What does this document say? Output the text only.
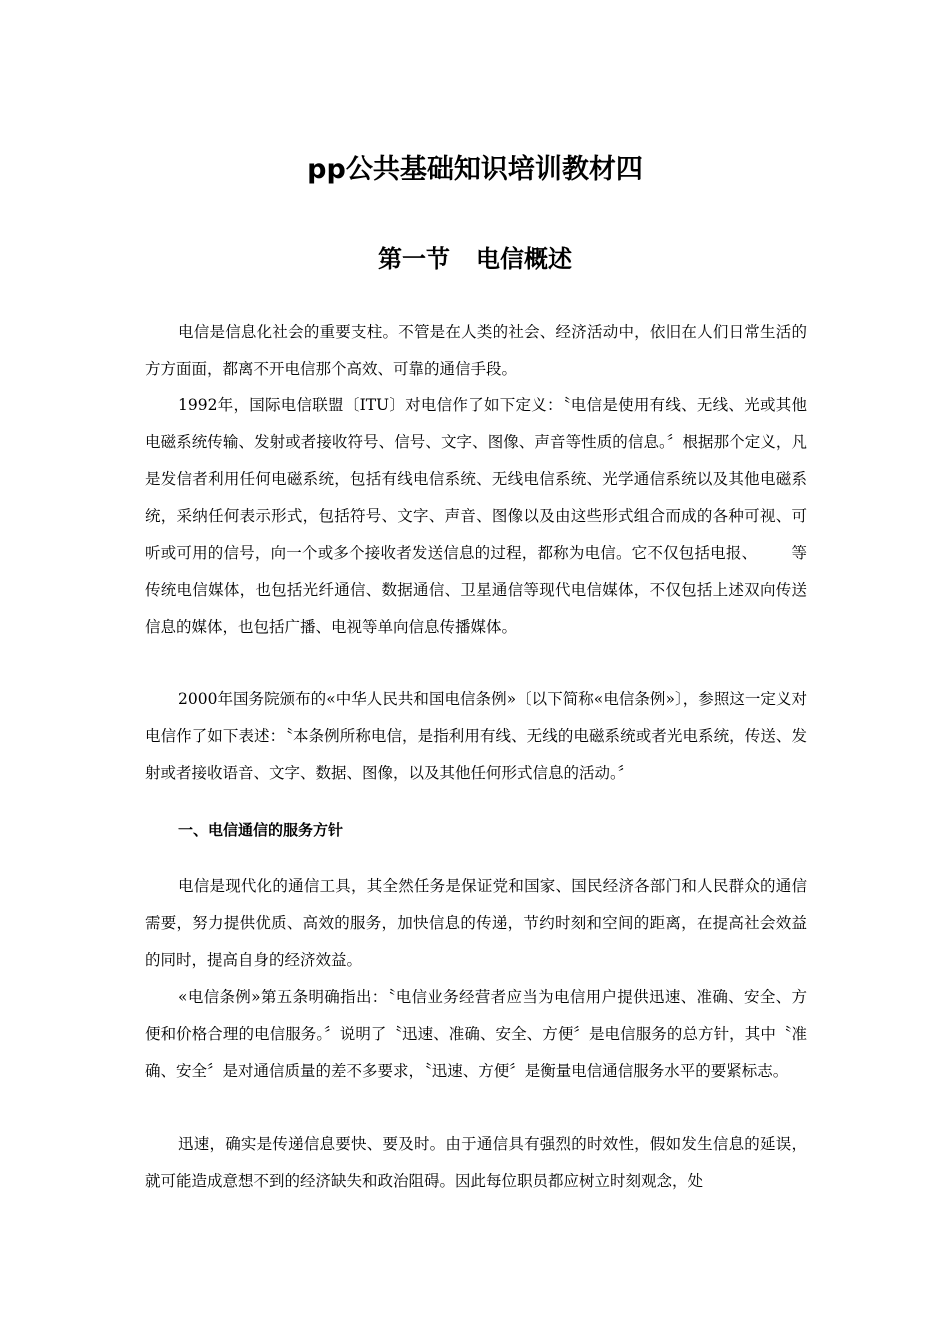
pp公共基础知识培训教材四
第一节 电信概述

电信是信息化社会的重要支柱。不管是在人类的社会、经济活动中，依旧在人们日常生活的方方面面，都离不开电信那个高效、可靠的通信手段。

1992年，国际电信联盟〔ITU〕对电信作了如下定义：〝电信是使用有线、无线、光或其他电磁系统传输、发射或者接收符号、信号、文字、图像、声音等性质的信息。〞根据那个定义，凡是发信者利用任何电磁系统，包括有线电信系统、无线电信系统、光学通信系统以及其他电磁系统，采纳任何表示形式，包括符号、文字、声音、图像以及由这些形式组合而成的各种可视、可听或可用的信号，向一个或多个接收者发送信息的过程，都称为电信。它不仅包括电报、 等传统电信媒体，也包括光纤通信、数据通信、卫星通信等现代电信媒体，不仅包括上述双向传送信息的媒体，也包括广播、电视等单向信息传播媒体。

2000年国务院颁布的«中华人民共和国电信条例»〔以下简称«电信条例»〕，参照这一定义对电信作了如下表述：〝本条例所称电信，是指利用有线、无线的电磁系统或者光电系统，传送、发射或者接收语音、文字、数据、图像，以及其他任何形式信息的活动。〞

一、电信通信的服务方针

电信是现代化的通信工具，其全然任务是保证党和国家、国民经济各部门和人民群众的通信需要，努力提供优质、高效的服务，加快信息的传递，节约时刻和空间的距离，在提高社会效益的同时，提高自身的经济效益。

«电信条例»第五条明确指出：〝电信业务经营者应当为电信用户提供迅速、准确、安全、方便和价格合理的电信服务。〞说明了〝迅速、准确、安全、方便〞是电信服务的总方针，其中〝准确、安全〞是对通信质量的差不多要求，〝迅速、方便〞是衡量电信通信服务水平的要紧标志。

迅速，确实是传递信息要快、要及时。由于通信具有强烈的时效性，假如发生信息的延误，就可能造成意想不到的经济缺失和政治阻碍。因此每位职员都应树立时刻观念，处
